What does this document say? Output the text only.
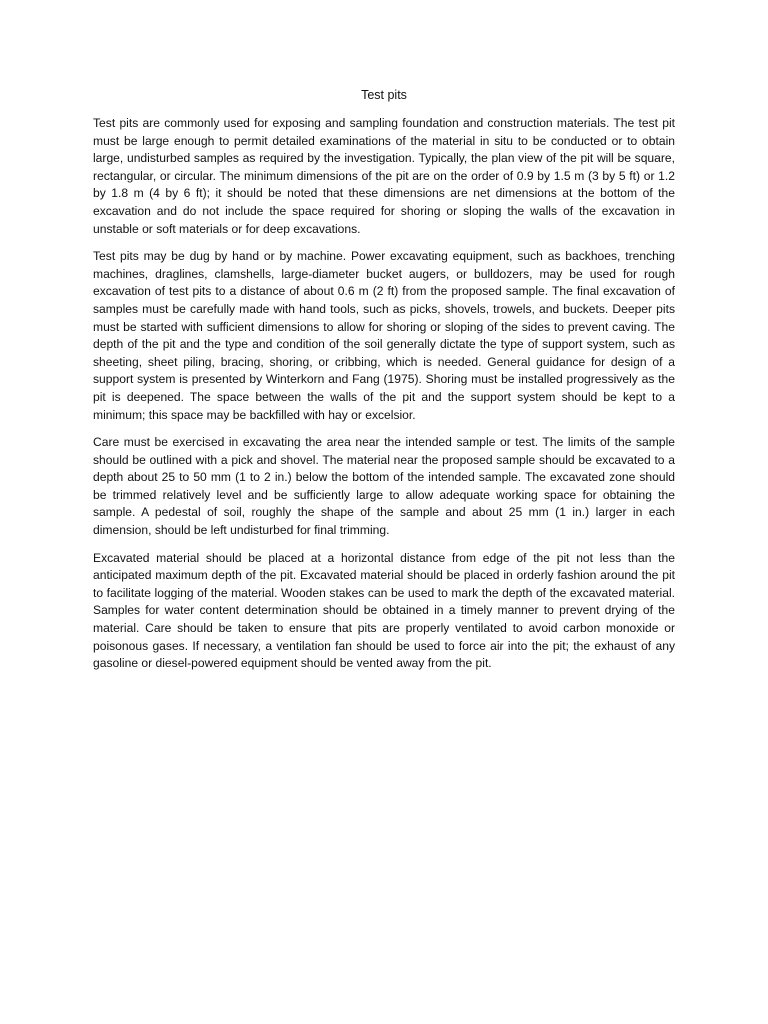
Test pits

Test pits are commonly used for exposing and sampling foundation and construction materials. The test pit must be large enough to permit detailed examinations of the material in situ to be conducted or to obtain large, undisturbed samples as required by the investigation. Typically, the plan view of the pit will be square, rectangular, or circular. The minimum dimensions of the pit are on the order of 0.9 by 1.5 m (3 by 5 ft) or 1.2 by 1.8 m (4 by 6 ft); it should be noted that these dimensions are net dimensions at the bottom of the excavation and do not include the space required for shoring or sloping the walls of the excavation in unstable or soft materials or for deep excavations.

Test pits may be dug by hand or by machine. Power excavating equipment, such as backhoes, trenching machines, draglines, clamshells, large-diameter bucket augers, or bulldozers, may be used for rough excavation of test pits to a distance of about 0.6 m (2 ft) from the proposed sample. The final excavation of samples must be carefully made with hand tools, such as picks, shovels, trowels, and buckets. Deeper pits must be started with sufficient dimensions to allow for shoring or sloping of the sides to prevent caving. The depth of the pit and the type and condition of the soil generally dictate the type of support system, such as sheeting, sheet piling, bracing, shoring, or cribbing, which is needed. General guidance for design of a support system is presented by Winterkorn and Fang (1975). Shoring must be installed progressively as the pit is deepened. The space between the walls of the pit and the support system should be kept to a minimum; this space may be backfilled with hay or excelsior.

Care must be exercised in excavating the area near the intended sample or test. The limits of the sample should be outlined with a pick and shovel. The material near the proposed sample should be excavated to a depth about 25 to 50 mm (1 to 2 in.) below the bottom of the intended sample. The excavated zone should be trimmed relatively level and be sufficiently large to allow adequate working space for obtaining the sample. A pedestal of soil, roughly the shape of the sample and about 25 mm (1 in.) larger in each dimension, should be left undisturbed for final trimming.

Excavated material should be placed at a horizontal distance from edge of the pit not less than the anticipated maximum depth of the pit. Excavated material should be placed in orderly fashion around the pit to facilitate logging of the material. Wooden stakes can be used to mark the depth of the excavated material. Samples for water content determination should be obtained in a timely manner to prevent drying of the material. Care should be taken to ensure that pits are properly ventilated to avoid carbon monoxide or poisonous gases. If necessary, a ventilation fan should be used to force air into the pit; the exhaust of any gasoline or diesel-powered equipment should be vented away from the pit.
